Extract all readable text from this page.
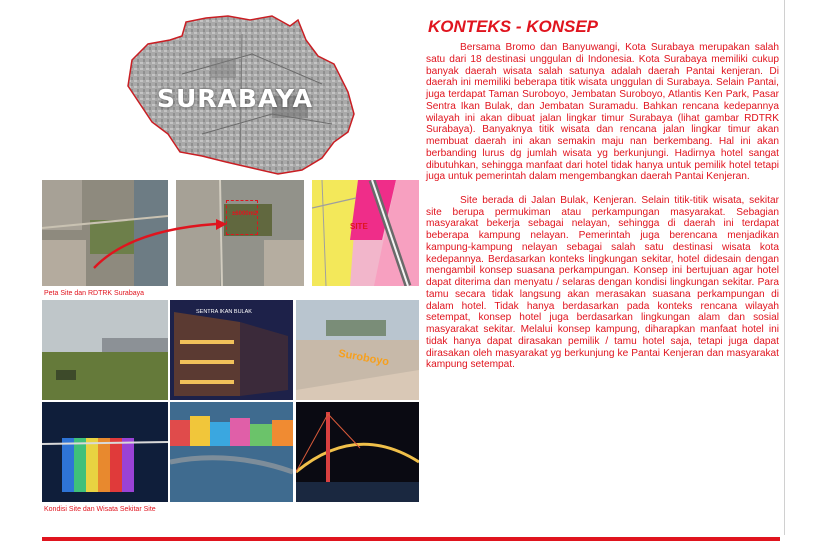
SURABAYA
±6000m2
SITE
Peta Site dan RDTRK Surabaya
SENTRA IKAN BULAK
Suroboyo
Kondisi Site dan Wisata Sekitar Site
KONTEKS - KONSEP

Bersama Bromo dan Banyuwangi, Kota Surabaya merupakan salah satu dari 18 destinasi unggulan di Indonesia. Kota Surabaya memiliki cukup banyak daerah wisata salah satunya adalah daerah Pantai kenjeran. Di daerah ini memiliki beberapa titik wisata unggulan di Surabaya. Selain Pantai, juga terdapat Taman Suroboyo, Jembatan Suroboyo, Atlantis Ken Park, Pasar Sentra Ikan Bulak, dan Jembatan Suramadu. Bahkan rencana kedepannya wilayah ini akan dibuat jalan lingkar timur Surabaya (lihat gambar RDTRK Surabaya). Banyaknya titik wisata dan rencana jalan lingkar timur akan membuat daerah ini akan semakin maju nan berkembang. Hal ini akan berbanding lurus dg jumlah wisata yg berkunjungi. Hadirnya hotel sangat dibutuhkan, sehingga manfaat dari hotel tidak hanya untuk pemilik hotel tetapi juga untuk pemerintah dalam mengembangkan daerah Pantai Kenjeran.

Site berada di Jalan Bulak, Kenjeran. Selain titik-titik wisata, sekitar site berupa permukiman atau perkampungan masyarakat. Sebagian masyarakat bekerja sebagai nelayan, sehingga di daerah ini terdapat beberapa kampung nelayan. Pemerintah juga berencana menjadikan kampung-kampung nelayan sebagai salah satu destinasi wisata kota kedepannya. Berdasarkan konteks lingkungan sekitar, hotel didesain dengan mengambil konsep suasana perkampungan. Konsep ini bertujuan agar hotel dapat diterima dan menyatu / selaras dengan kondisi lingkungan sekitar. Para tamu secara tidak langsung akan merasakan suasana perkampungan di dalam hotel. Tidak hanya berdasarkan pada konteks rencana wilayah setempat, konsep hotel juga berdasarkan lingkungan alam dan sosial masyarakat sekitar. Melalui konsep kampung, diharapkan manfaat hotel ini tidak hanya dapat dirasakan pemilik / tamu hotel saja, tetapi juga dapat dirasakan oleh masyarakat yg berkunjung ke Pantai Kenjeran dan masyarakat kampung setempat.
